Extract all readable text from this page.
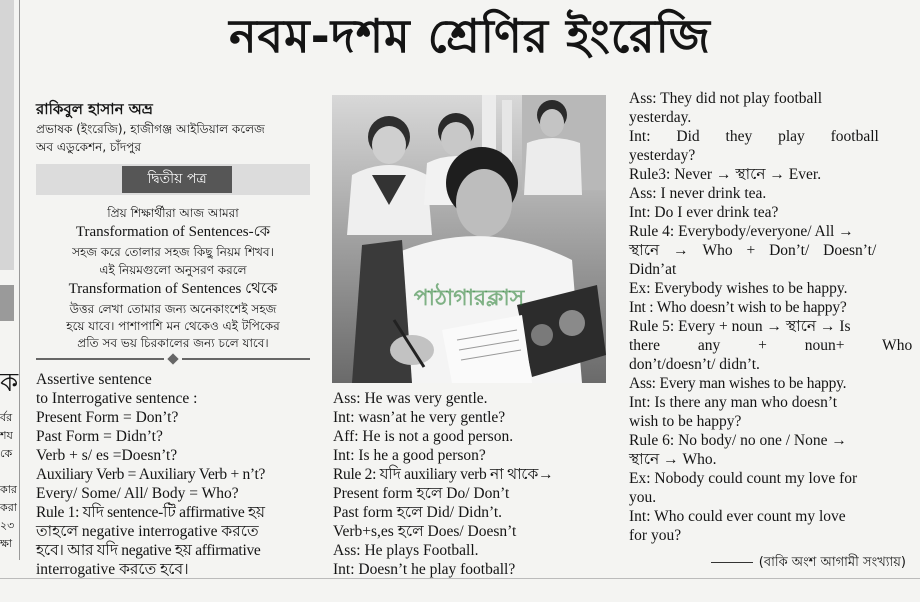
ক
র্বর
শয
কে
কার
করা
২৩
ক্ষা
নবম-দশম শ্রেণির ইংরেজি
রাকিবুল হাসান অভ্র
প্রভাষক (ইংরেজি), হাজীগঞ্জ আইডিয়াল কলেজ
অব এডুকেশন, চাঁদপুর
দ্বিতীয় পত্র
প্রিয় শিক্ষার্থীরা আজ আমরা
Transformation of Sentences-কে
সহজ করে তোলার সহজ কিছু নিয়ম শিখব।
এই নিয়মগুলো অনুসরণ করলে
Transformation of Sentences থেকে
উত্তর লেখা তোমার জন্য অনেকাংশেই সহজ
হয়ে যাবে। পাশাপাশি মন থেকেও এই টপিকের
প্রতি সব ভয় চিরকালের জন্য চলে যাবে।
Assertive sentence
to Interrogative sentence :
Present Form = Don’t?
Past Form = Didn’t?
Verb + s/ es =Doesn’t?
Auxiliary Verb = Auxiliary Verb + n’t?
Every/ Some/ All/ Body = Who?
Rule 1: যদি sentence-টি affirmative হয়
তাহলে negative interrogative করতে
হবে। আর যদি negative হয় affirmative
interrogative করতে হবে।
পাঠাগারক্লাস
Ass: He was very gentle.
Int: wasn’at he very gentle?
Aff: He is not a good person.
Int: Is he a good person?
Rule 2: যদি auxiliary verb না থাকে→
Present form হলে Do/ Don’t
Past form হলে Did/ Didn’t.
Verb+s,es হলে Does/ Doesn’t
Ass: He plays Football.
Int: Doesn’t he play football?
Ass: They did not play football
yesterday.
Int: Did they play football
yesterday?
Rule3: Never → স্থানে → Ever.
Ass: I never drink tea.
Int: Do I ever drink tea?
Rule 4: Everybody/everyone/ All →
স্থানে → Who + Don’t/ Doesn’t/
Didn’at
Ex: Everybody wishes to be happy.
Int : Who doesn’t wish to be happy?
Rule 5: Every + noun → স্থানে → Is
there any + noun+ Who
don’t/doesn’t/ didn’t.
Ass: Every man wishes to be happy.
Int: Is there any man who doesn’t
wish to be happy?
Rule 6: No body/ no one / None →
স্থানে → Who.
Ex: Nobody could count my love for
you.
Int: Who could ever count my love
for you?
(বাকি অংশ আগামী সংখ্যায়)
